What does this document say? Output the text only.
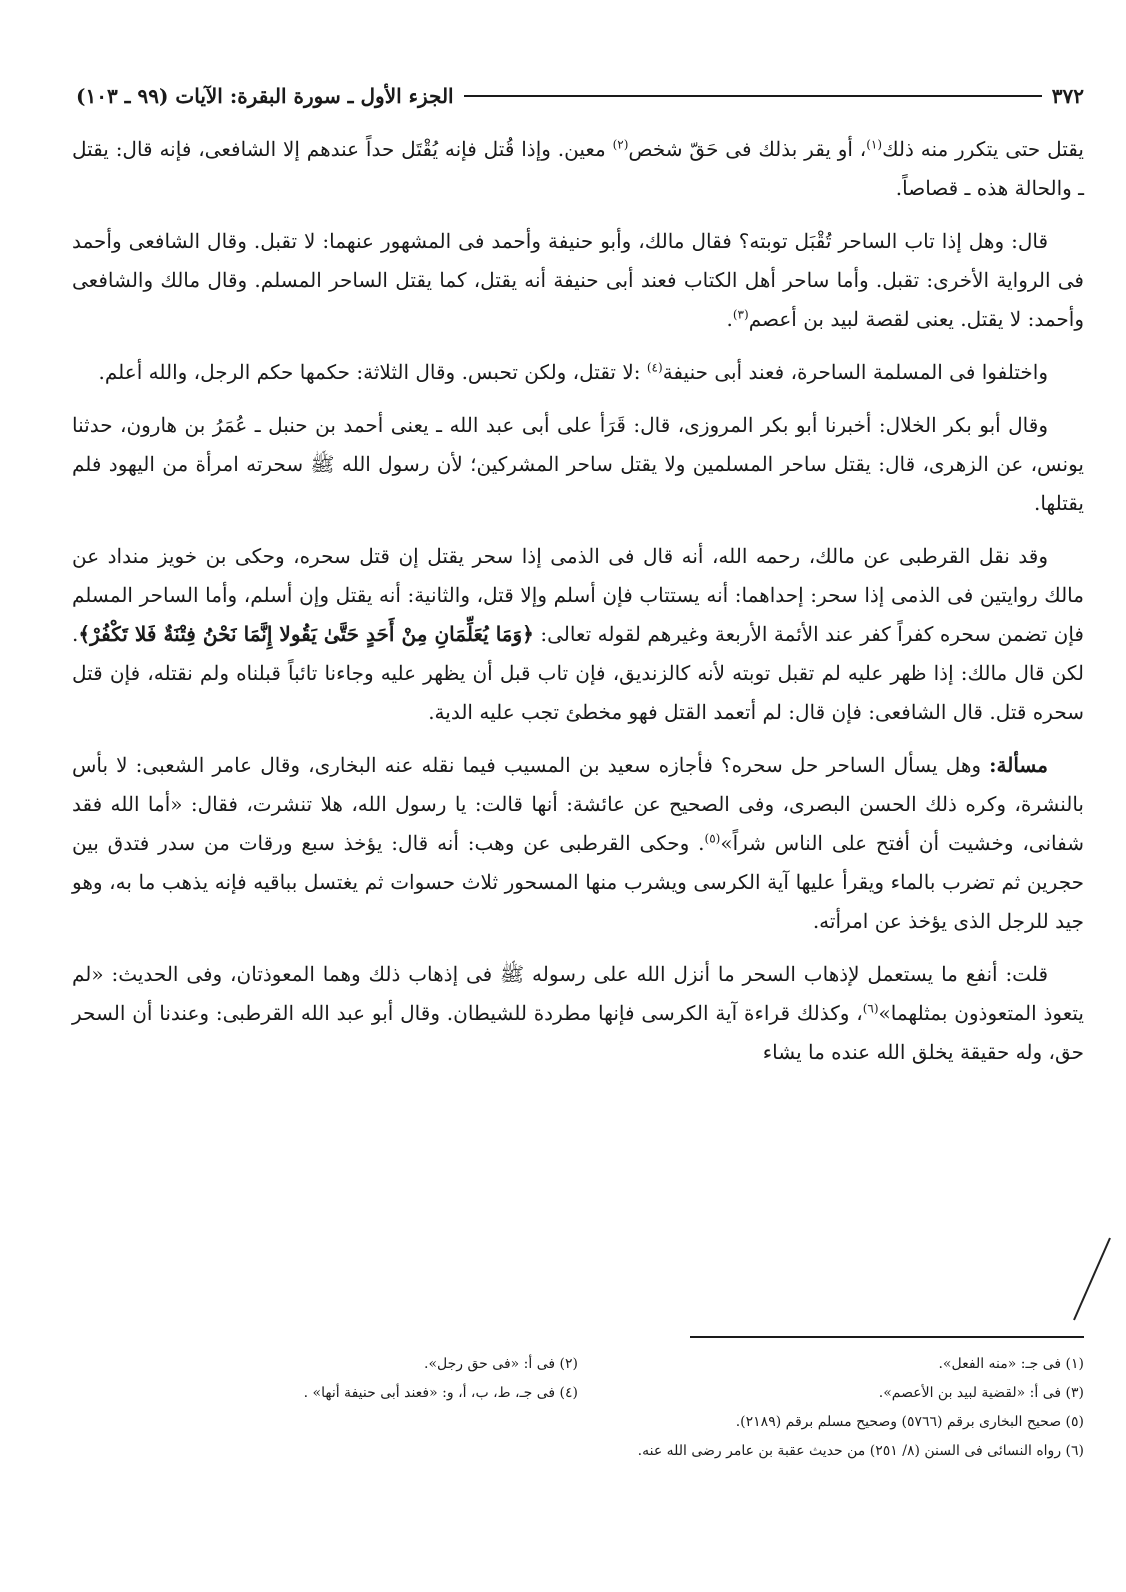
٣٧٢
الجزء الأول ـ سورة البقرة: الآيات (٩٩ ـ ١٠٣)

يقتل حتى يتكرر منه ذلك$^{(١)}$، أو يقر بذلك فى حَقّ شخص$^{(٢)}$ معين. وإذا قُتل فإنه يُقْتَل حداً عندهم إلا الشافعى، فإنه قال: يقتل ـ والحالة هذه ـ قصاصاً.

قال: وهل إذا تاب الساحر تُقْبَل توبته؟ فقال مالك، وأبو حنيفة وأحمد فى المشهور عنهما: لا تقبل. وقال الشافعى وأحمد فى الرواية الأخرى: تقبل. وأما ساحر أهل الكتاب فعند أبى حنيفة أنه يقتل، كما يقتل الساحر المسلم. وقال مالك والشافعى وأحمد: لا يقتل. يعنى لقصة لبيد بن أعصم$^{(٣)}$.

واختلفوا فى المسلمة الساحرة، فعند أبى حنيفة$^{(٤)}$ :لا تقتل، ولكن تحبس. وقال الثلاثة: حكمها حكم الرجل، والله أعلم.

وقال أبو بكر الخلال: أخبرنا أبو بكر المروزى، قال: قَرَأ على أبى عبد الله ـ يعنى أحمد بن حنبل ـ عُمَرُ بن هارون، حدثنا يونس، عن الزهرى، قال: يقتل ساحر المسلمين ولا يقتل ساحر المشركين؛ لأن رسول الله ﷺ سحرته امرأة من اليهود فلم يقتلها.

وقد نقل القرطبى عن مالك، رحمه الله، أنه قال فى الذمى إذا سحر يقتل إن قتل سحره، وحكى بن خويز منداد عن مالك روايتين فى الذمى إذا سحر: إحداهما: أنه يستتاب فإن أسلم وإلا قتل، والثانية: أنه يقتل وإن أسلم، وأما الساحر المسلم فإن تضمن سحره كفراً كفر عند الأئمة الأربعة وغيرهم لقوله تعالى: ﴿وَمَا يُعَلِّمَانِ مِنْ أَحَدٍ حَتَّىٰ يَقُولا إِنَّمَا نَحْنُ فِتْنَةٌ فَلا تَكْفُرْ﴾. لكن قال مالك: إذا ظهر عليه لم تقبل توبته لأنه كالزنديق، فإن تاب قبل أن يظهر عليه وجاءنا تائباً قبلناه ولم نقتله، فإن قتل سحره قتل. قال الشافعى: فإن قال: لم أتعمد القتل فهو مخطئ تجب عليه الدية.

مسألة: وهل يسأل الساحر حل سحره؟ فأجازه سعيد بن المسيب فيما نقله عنه البخارى، وقال عامر الشعبى: لا بأس بالنشرة، وكره ذلك الحسن البصرى، وفى الصحيح عن عائشة: أنها قالت: يا رسول الله، هلا تنشرت، فقال: «أما الله فقد شفانى، وخشيت أن أفتح على الناس شراً»$^{(٥)}$. وحكى القرطبى عن وهب: أنه قال: يؤخذ سبع ورقات من سدر فتدق بين حجرين ثم تضرب بالماء ويقرأ عليها آية الكرسى ويشرب منها المسحور ثلاث حسوات ثم يغتسل بباقيه فإنه يذهب ما به، وهو جيد للرجل الذى يؤخذ عن امرأته.

قلت: أنفع ما يستعمل لإذهاب السحر ما أنزل الله على رسوله ﷺ فى إذهاب ذلك وهما المعوذتان، وفى الحديث: «لم يتعوذ المتعوذون بمثلهما»$^{(٦)}$، وكذلك قراءة آية الكرسى فإنها مطردة للشيطان. وقال أبو عبد الله القرطبى: وعندنا أن السحر حق، وله حقيقة يخلق الله عنده ما يشاء

(١) فى جـ: «منه الفعل».
(٢) فى أ: «فى حق رجل».
(٣) فى أ: «لقضية لبيد بن الأعصم».
(٤) فى جـ، ط، ب، أ، و: «فعند أبى حنيفة أنها» .
(٥) صحيح البخارى برقم (٥٧٦٦) وصحيح مسلم برقم (٢١٨٩).
(٦) رواه النسائى فى السنن (٨/ ٢٥١) من حديث عقبة بن عامر رضى الله عنه.
